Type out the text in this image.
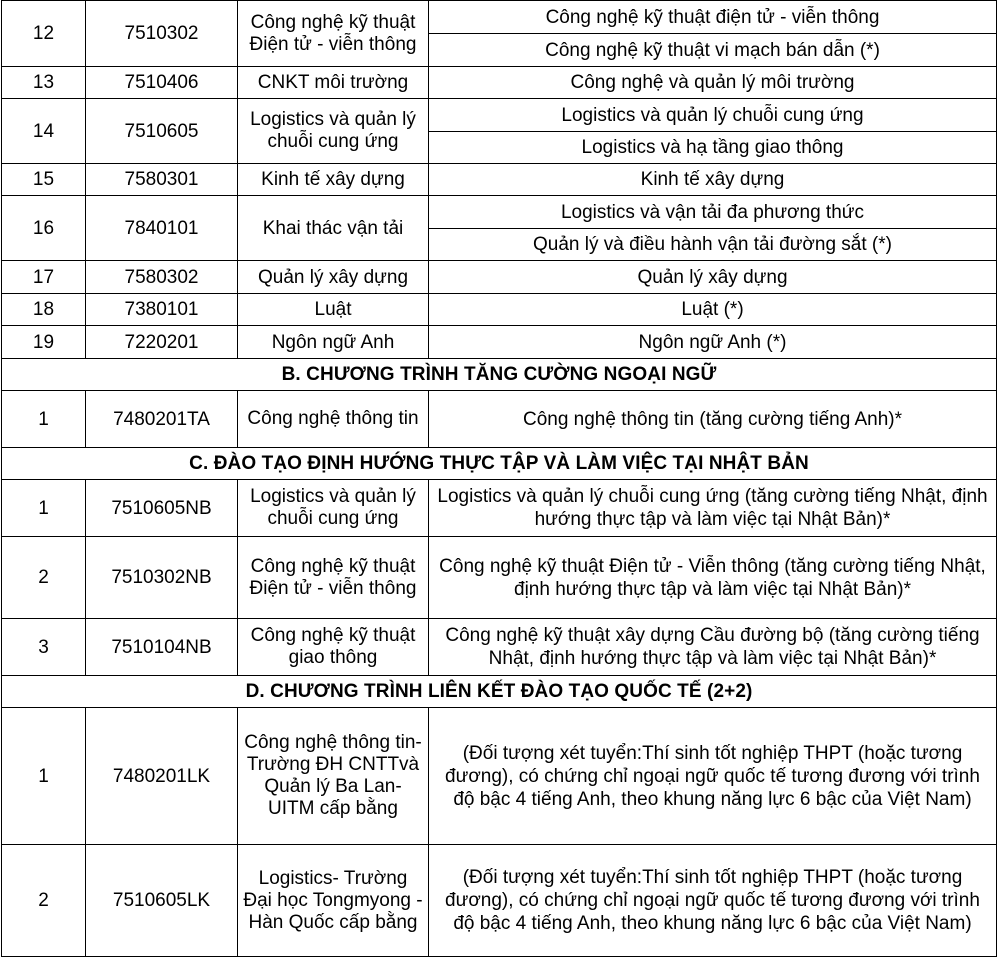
12	7510302	Công nghệ kỹ thuật Điện tử - viễn thông	Công nghệ kỹ thuật điện tử - viễn thông
			Công nghệ kỹ thuật vi mạch bán dẫn (*)
13	7510406	CNKT môi trường	Công nghệ và quản lý môi trường
14	7510605	Logistics và quản lý chuỗi cung ứng	Logistics và quản lý chuỗi cung ứng
			Logistics và hạ tầng giao thông
15	7580301	Kinh tế xây dựng	Kinh tế xây dựng
16	7840101	Khai thác vận tải	Logistics và vận tải đa phương thức
			Quản lý và điều hành vận tải đường sắt (*)
17	7580302	Quản lý xây dựng	Quản lý xây dựng
18	7380101	Luật	Luật (*)
19	7220201	Ngôn ngữ Anh	Ngôn ngữ Anh (*)
B. CHƯƠNG TRÌNH TĂNG CƯỜNG NGOẠI NGỮ			
1	7480201TA	Công nghệ thông tin	Công nghệ thông tin (tăng cường tiếng Anh)*
C. ĐÀO TẠO ĐỊNH HƯỚNG THỰC TẬP VÀ LÀM VIỆC TẠI NHẬT BẢN			
1	7510605NB	Logistics và quản lý chuỗi cung ứng	Logistics và quản lý chuỗi cung ứng (tăng cường tiếng Nhật, định hướng thực tập và làm việc tại Nhật Bản)*
2	7510302NB	Công nghệ kỹ thuật Điện tử - viễn thông	Công nghệ kỹ thuật Điện tử - Viễn thông (tăng cường tiếng Nhật, định hướng thực tập và làm việc tại Nhật Bản)*
3	7510104NB	Công nghệ kỹ thuật giao thông	Công nghệ kỹ thuật xây dựng Cầu đường bộ (tăng cường tiếng Nhật, định hướng thực tập và làm việc tại Nhật Bản)*
D. CHƯƠNG TRÌNH LIÊN KẾT ĐÀO TẠO QUỐC TẾ (2+2)			
1	7480201LK	Công nghệ thông tin- Trường ĐH CNTTvà Quản lý Ba Lan- UITM cấp bằng	(Đối tượng xét tuyển:Thí sinh tốt nghiệp THPT (hoặc tương đương), có chứng chỉ ngoại ngữ quốc tế tương đương với trình độ bậc 4 tiếng Anh, theo khung năng lực 6 bậc của Việt Nam)
2	7510605LK	Logistics- Trường Đại học Tongmyong - Hàn Quốc cấp bằng	(Đối tượng xét tuyển:Thí sinh tốt nghiệp THPT (hoặc tương đương), có chứng chỉ ngoại ngữ quốc tế tương đương với trình độ bậc 4 tiếng Anh, theo khung năng lực 6 bậc của Việt Nam)
